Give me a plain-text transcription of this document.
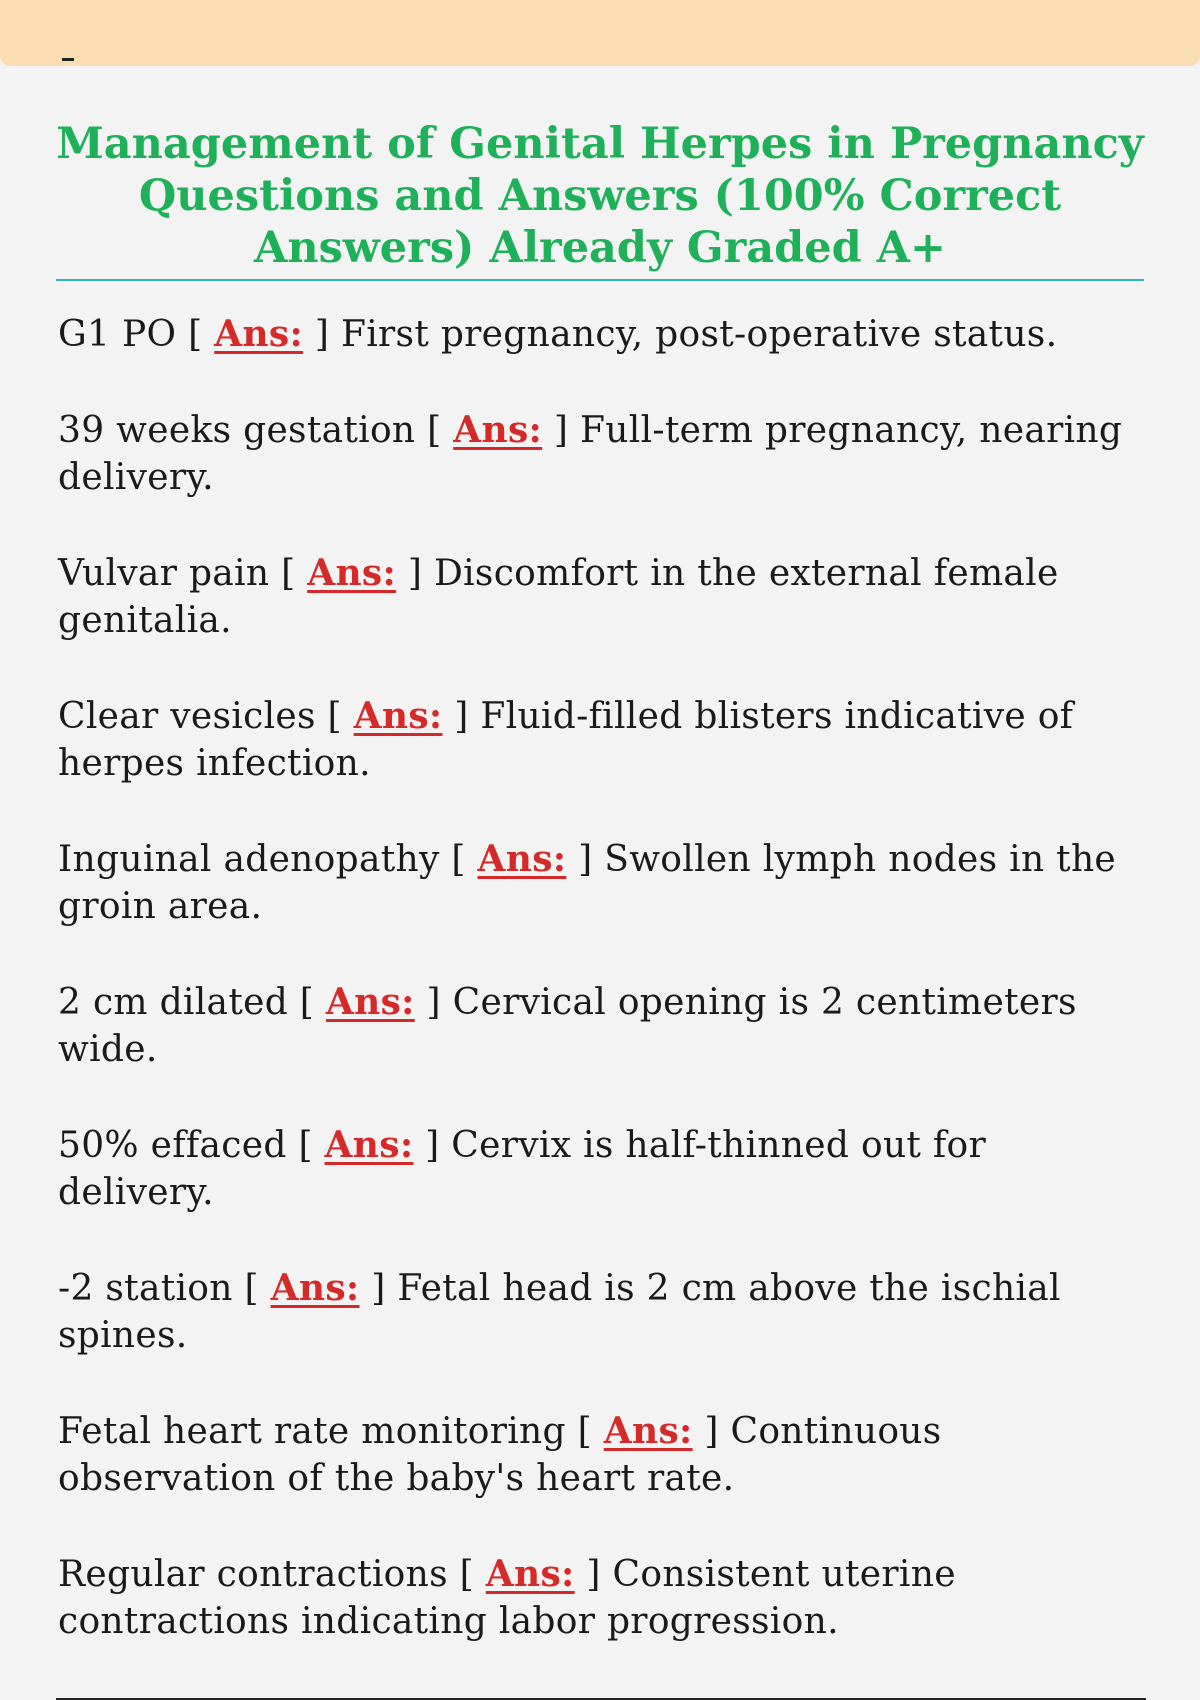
Management of Genital Herpes in Pregnancy Questions and Answers (100% Correct Answers) Already Graded A+
G1 PO [ Ans: ] First pregnancy, post-operative status.
39 weeks gestation [ Ans: ] Full-term pregnancy, nearing delivery.
Vulvar pain [ Ans: ] Discomfort in the external female genitalia.
Clear vesicles [ Ans: ] Fluid-filled blisters indicative of herpes infection.
Inguinal adenopathy [ Ans: ] Swollen lymph nodes in the groin area.
2 cm dilated [ Ans: ] Cervical opening is 2 centimeters wide.
50% effaced [ Ans: ] Cervix is half-thinned out for delivery.
-2 station [ Ans: ] Fetal head is 2 cm above the ischial spines.
Fetal heart rate monitoring [ Ans: ] Continuous observation of the baby's heart rate.
Regular contractions [ Ans: ] Consistent uterine contractions indicating labor progression.
